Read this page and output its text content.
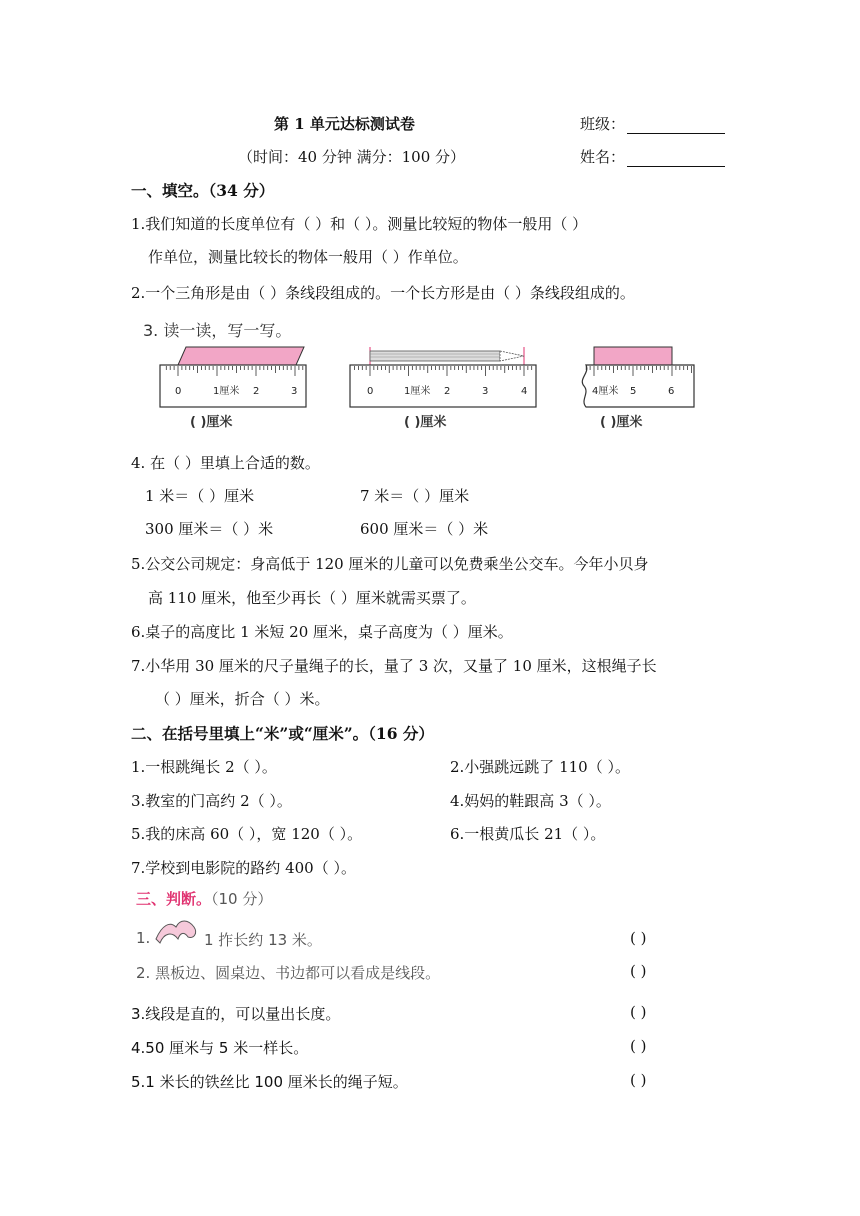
第 1 单元达标测试卷	班级：
（时间：40 分钟 满分：100 分）	姓名：
一、填空。（34 分）
1.我们知道的长度单位有（ ）和（ ）。测量比较短的物体一般用（ ）
作单位，测量比较长的物体一般用（ ）作单位。
2.一个三角形是由（ ）条线段组成的。一个长方形是由（ ）条线段组成的。
3. 读一读，写一写。
0	1厘米 2	3
( )厘米
0	1厘米 2	3	4
( )厘米
4厘米 5	6
( )厘米
4. 在（ ）里填上合适的数。
1 米＝（ ）厘米	7 米＝（ ）厘米
300 厘米＝（ ）米	600 厘米＝（ ）米
5.公交公司规定：身高低于 120 厘米的儿童可以免费乘坐公交车。今年小贝身
高 110 厘米，他至少再长（ ）厘米就需买票了。
6.桌子的高度比 1 米短 20 厘米，桌子高度为（ ）厘米。
7.小华用 30 厘米的尺子量绳子的长，量了 3 次，又量了 10 厘米，这根绳子长
（ ）厘米，折合（ ）米。
二、在括号里填上“米”或“厘米”。（16 分）
1.一根跳绳长 2（ ）。	2.小强跳远跳了 110（ ）。
3.教室的门高约 2（ ）。	4.妈妈的鞋跟高 3（ ）。
5.我的床高 60（ ），宽 120（ ）。	6.一根黄瓜长 21（ ）。
7.学校到电影院的路约 400（ ）。
三、判断。（10 分）
1.	1 拃长约 13 米。	( )
2. 黑板边、圆桌边、书边都可以看成是线段。	( )
3.线段是直的，可以量出长度。	( )
4.50 厘米与 5 米一样长。	( )
5.1 米长的铁丝比 100 厘米长的绳子短。	( )
